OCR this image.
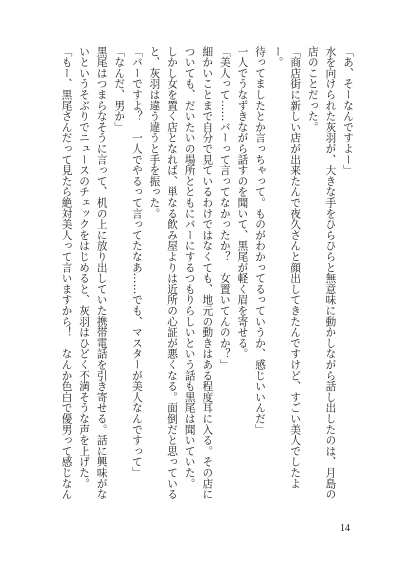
「あ、そーなんですよー」

水を向けられた灰羽が、大きな手をひらひらと無意味に動かしながら話し出したのは、月島の店のことだった。

「商店街に新しい店が出来たんで夜久さんと顔出してきたんですけど、すごい美人でしたよー。

待ってましたとか言っちゃって。ものがわかってるっていうか、感じいいんだ」

一人でうなずきながら話すのを聞いて、黒尾が軽く眉を寄せる。

「美人って……バーって言ってなかったか？　女置いてんのか？」

細かいことまで自分で見ているわけではなくても、地元の動きはある程度耳に入る。その店についても、だいたいの場所とともにバーにするつもりらしいという話も黒尾は聞いていた。

しかし女を置く店となれば、単なる飲み屋よりは近所の心証が悪くなる。面倒だと思っていると、灰羽は違う違うと手を振った。

「バーですよ？　一人でやるって言ってたなあ……でも、マスターが美人なんですって」

「なんだ、男か」

黒尾はつまらなそうに言って、机の上に放り出していた携帯電話を引き寄せる。話に興味がないというそぶりでニュースのチェックをはじめると、灰羽はひどく不満そうな声を上げた。

「もー、黒尾さんだって見たら絶対美人って言いますから！　なんか色白で優男って感じなん

14
